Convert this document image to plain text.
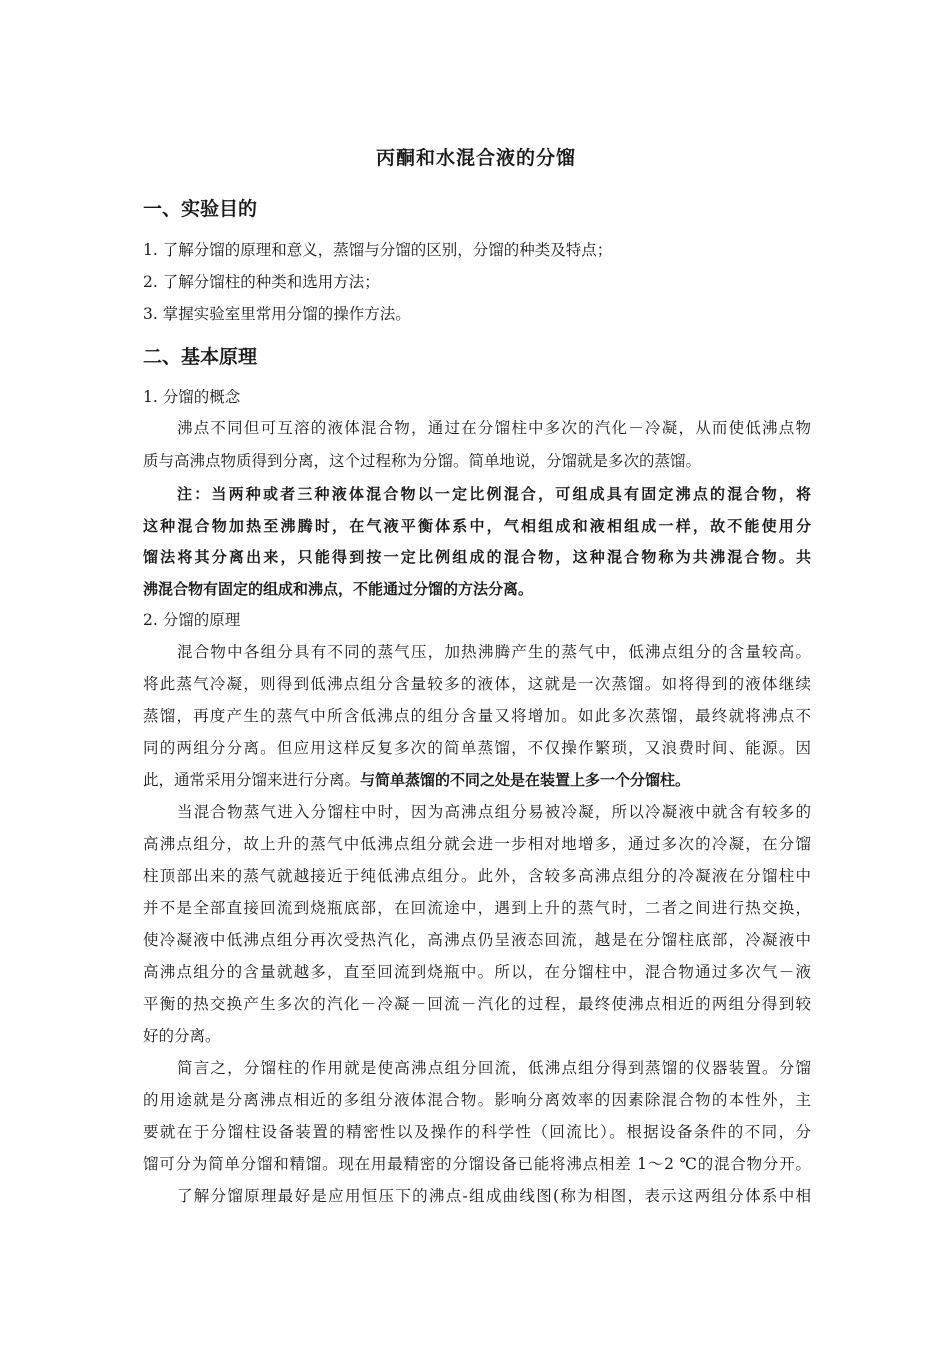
丙酮和水混合液的分馏
一、实验目的
1. 了解分馏的原理和意义，蒸馏与分馏的区别，分馏的种类及特点；
2. 了解分馏柱的种类和选用方法；
3. 掌握实验室里常用分馏的操作方法。
二、基本原理
1. 分馏的概念
沸点不同但可互溶的液体混合物，通过在分馏柱中多次的汽化－冷凝，从而使低沸点物
质与高沸点物质得到分离，这个过程称为分馏。简单地说，分馏就是多次的蒸馏。
注：当两种或者三种液体混合物以一定比例混合，可组成具有固定沸点的混合物，将
这种混合物加热至沸腾时，在气液平衡体系中，气相组成和液相组成一样，故不能使用分
馏法将其分离出来，只能得到按一定比例组成的混合物，这种混合物称为共沸混合物。共
沸混合物有固定的组成和沸点，不能通过分馏的方法分离。
2. 分馏的原理
混合物中各组分具有不同的蒸气压，加热沸腾产生的蒸气中，低沸点组分的含量较高。
将此蒸气冷凝，则得到低沸点组分含量较多的液体，这就是一次蒸馏。如将得到的液体继续
蒸馏，再度产生的蒸气中所含低沸点的组分含量又将增加。如此多次蒸馏，最终就将沸点不
同的两组分分离。但应用这样反复多次的简单蒸馏，不仅操作繁琐，又浪费时间、能源。因
此，通常采用分馏来进行分离。与简单蒸馏的不同之处是在装置上多一个分馏柱。
当混合物蒸气进入分馏柱中时，因为高沸点组分易被冷凝，所以冷凝液中就含有较多的
高沸点组分，故上升的蒸气中低沸点组分就会进一步相对地增多，通过多次的冷凝，在分馏
柱顶部出来的蒸气就越接近于纯低沸点组分。此外，含较多高沸点组分的冷凝液在分馏柱中
并不是全部直接回流到烧瓶底部，在回流途中，遇到上升的蒸气时，二者之间进行热交换，
使冷凝液中低沸点组分再次受热汽化，高沸点仍呈液态回流，越是在分馏柱底部，冷凝液中
高沸点组分的含量就越多，直至回流到烧瓶中。所以，在分馏柱中，混合物通过多次气－液
平衡的热交换产生多次的汽化－冷凝－回流－汽化的过程，最终使沸点相近的两组分得到较
好的分离。
简言之，分馏柱的作用就是使高沸点组分回流，低沸点组分得到蒸馏的仪器装置。分馏
的用途就是分离沸点相近的多组分液体混合物。影响分离效率的因素除混合物的本性外，主
要就在于分馏柱设备装置的精密性以及操作的科学性（回流比）。根据设备条件的不同，分
馏可分为简单分馏和精馏。现在用最精密的分馏设备已能将沸点相差 1～2 ℃的混合物分开。
了解分馏原理最好是应用恒压下的沸点-组成曲线图(称为相图，表示这两组分体系中相
